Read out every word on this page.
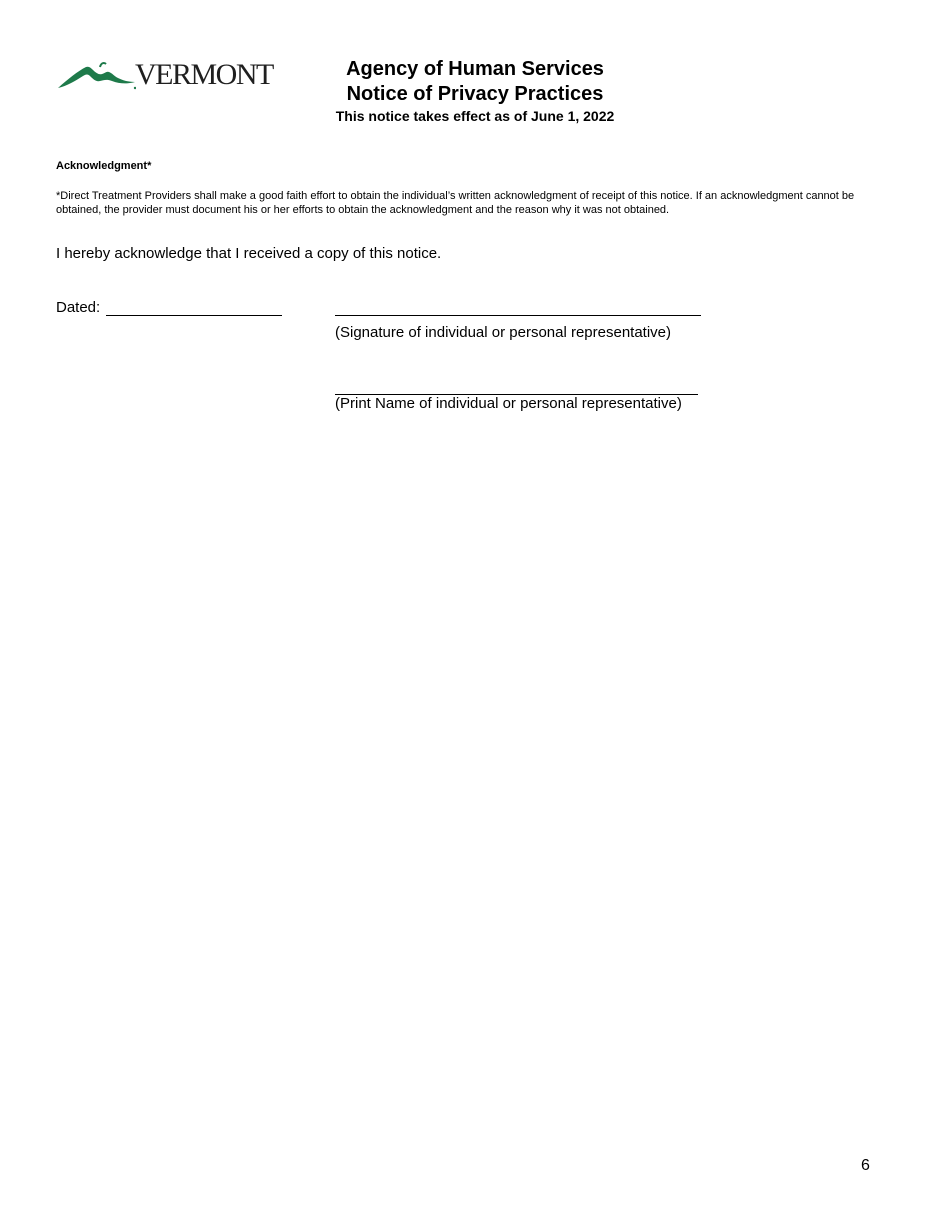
VERMONT	Agency of Human Services
Notice of Privacy Practices
This notice takes effect as of June 1, 2022
Acknowledgment*
*Direct Treatment Providers shall make a good faith effort to obtain the individual’s written acknowledgment of receipt of this notice. If an acknowledgment cannot be obtained, the provider must document his or her efforts to obtain the acknowledgment and the reason why it was not obtained.
I hereby acknowledge that I received a copy of this notice.
Dated:
(Signature of individual or personal representative)
(Print Name of individual or personal representative)
6
